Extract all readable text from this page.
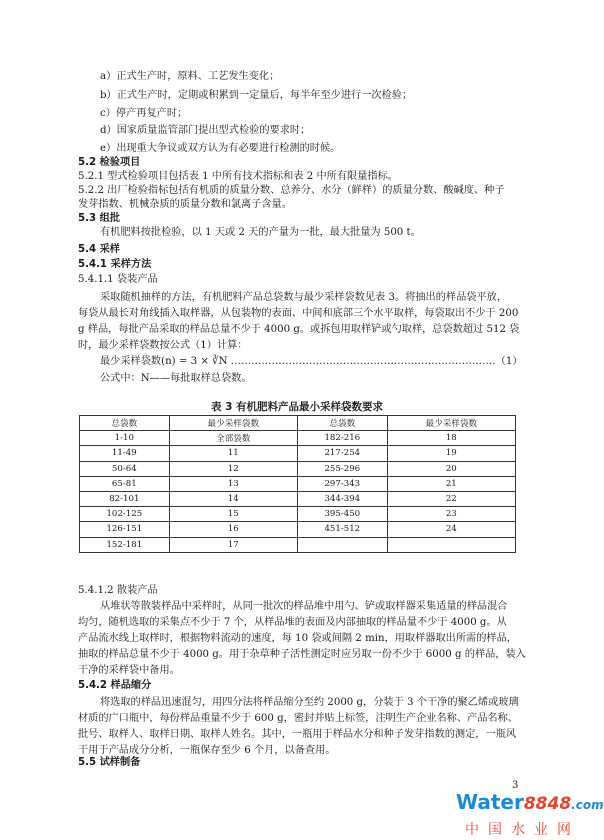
a）正式生产时，原料、工艺发生变化；
b）正式生产时，定期或积累到一定量后，每半年至少进行一次检验；
c）停产再复产时；
d）国家质量监管部门提出型式检验的要求时；
e）出现重大争议或双方认为有必要进行检测的时候。
5.2 检验项目
5.2.1 型式检验项目包括表 1 中所有技术指标和表 2 中所有限量指标。
5.2.2 出厂检验指标包括有机质的质量分数、总养分、水分（鲜样）的质量分数、酸碱度、种子
发芽指数、机械杂质的质量分数和氯离子含量。
5.3 组批
有机肥料按批检验，以 1 天或 2 天的产量为一批，最大批量为 500 t。
5.4 采样
5.4.1 采样方法
5.4.1.1 袋装产品
采取随机抽样的方法，有机肥料产品总袋数与最少采样袋数见表 3。将抽出的样品袋平放，
每袋从最长对角线插入取样器，从包装物的表面、中间和底部三个水平取样，每袋取出不少于 200
g 样品，每批产品采取的样品总量不少于 4000 g。或拆包用取样铲或勺取样，总袋数超过 512 袋
时，最少采样袋数按公式（1）计算：
最少采样袋数(n) = 3 × ∛N ……………………………………………………………………（1）
公式中：N——每批取样总袋数。
表 3 有机肥料产品最小采样袋数要求
总袋数	最少采样袋数	总袋数	最少采样袋数
1-10	全部袋数	182-216	18
11-49	11	217-254	19
50-64	12	255-296	20
65-81	13	297-343	21
82-101	14	344-394	22
102-125	15	395-450	23
126-151	16	451-512	24
152-181	17		
5.4.1.2 散装产品
从堆状等散装样品中采样时，从同一批次的样品堆中用勺、铲或取样器采集适量的样品混合
均匀，随机选取的采集点不少于 7 个，从样品堆的表面及内部抽取的样品量不少于 4000 g。从
产品流水线上取样时，根据物料流动的速度，每 10 袋或间隔 2 min，用取样器取出所需的样品，
抽取的样品总量不少于 4000 g。用于杂草种子活性测定时应另取一份不少于 6000 g 的样品，装入
干净的采样袋中备用。
5.4.2 样品缩分
将选取的样品迅速混匀，用四分法将样品缩分至约 2000 g，分装于 3 个干净的聚乙烯或玻璃
材质的广口瓶中，每份样品重量不少于 600 g，密封并贴上标签，注明生产企业名称、产品名称、
批号、取样人、取样日期、取样人姓名。其中，一瓶用于样品水分和种子发芽指数的测定，一瓶风
干用于产品成分分析，一瓶保存至少 6 个月，以备查用。
5.5 试样制备
3
Water8848.com
中国水业网
